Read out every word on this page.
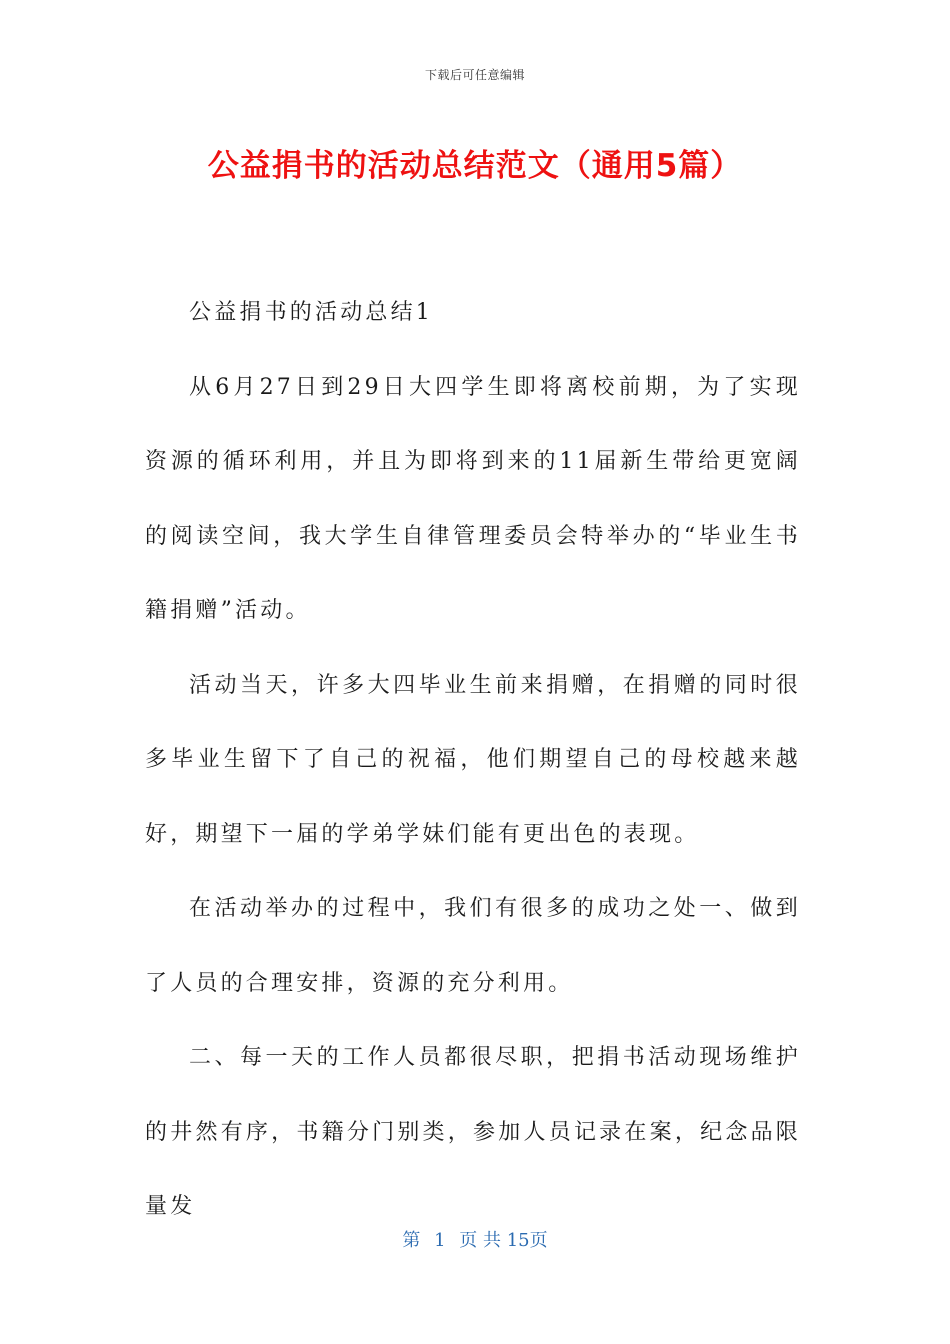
下载后可任意编辑
公益捐书的活动总结范文（通用5篇）

公益捐书的活动总结1

从6月27日到29日大四学生即将离校前期，为了实现资源的循环利用，并且为即将到来的11届新生带给更宽阔的阅读空间，我大学生自律管理委员会特举办的“毕业生书籍捐赠”活动。

活动当天，许多大四毕业生前来捐赠，在捐赠的同时很多毕业生留下了自己的祝福，他们期望自己的母校越来越好，期望下一届的学弟学妹们能有更出色的表现。

在活动举办的过程中，我们有很多的成功之处一、做到了人员的合理安排，资源的充分利用。

二、每一天的工作人员都很尽职，把捐书活动现场维护的井然有序，书籍分门别类，参加人员记录在案，纪念品限量发

第 1 页 共 15页
